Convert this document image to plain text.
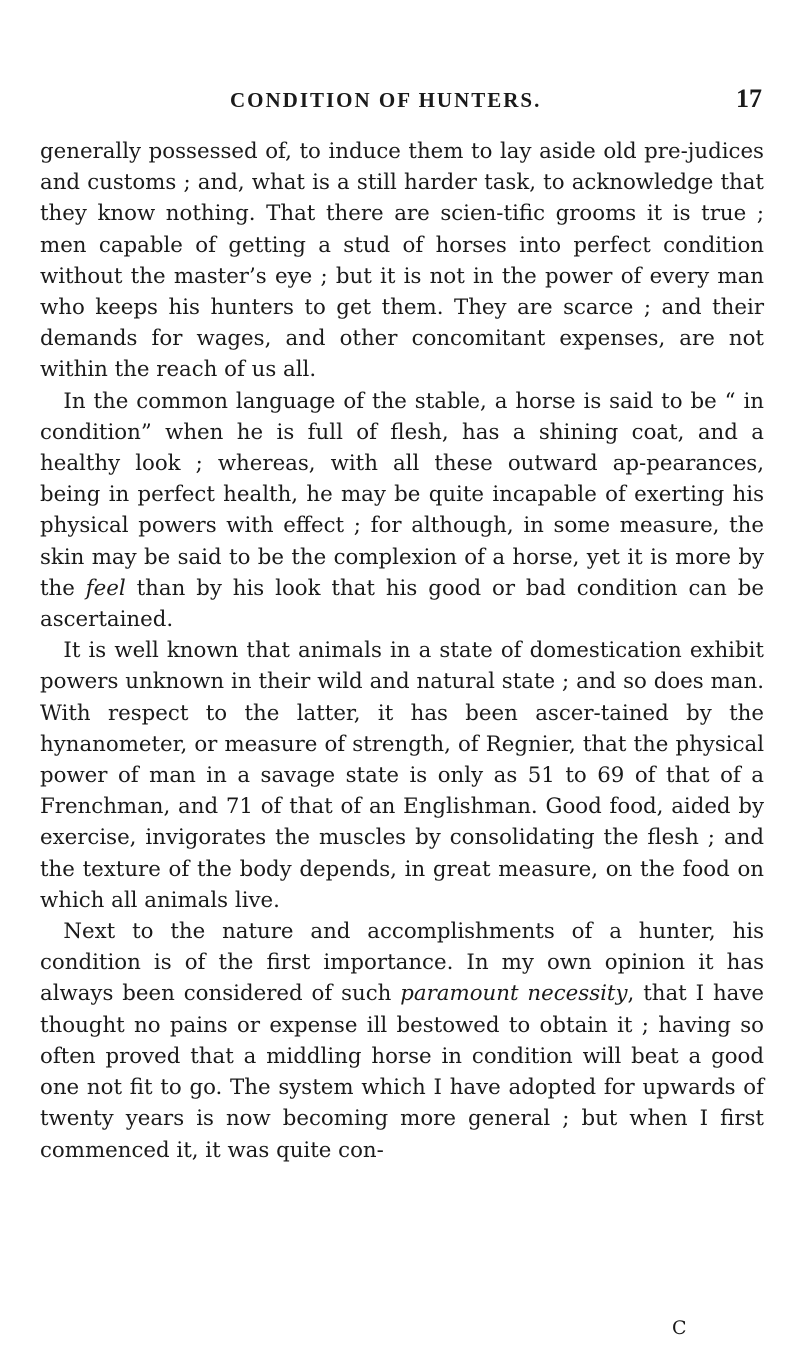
CONDITION OF HUNTERS.	17

generally possessed of, to induce them to lay aside old pre-judices and customs ; and, what is a still harder task, to acknowledge that they know nothing. That there are scien-tific grooms it is true ; men capable of getting a stud of horses into perfect condition without the master’s eye ; but it is not in the power of every man who keeps his hunters to get them. They are scarce ; and their demands for wages, and other concomitant expenses, are not within the reach of us all.

In the common language of the stable, a horse is said to be “ in condition” when he is full of flesh, has a shining coat, and a healthy look ; whereas, with all these outward ap-pearances, being in perfect health, he may be quite incapable of exerting his physical powers with effect ; for although, in some measure, the skin may be said to be the complexion of a horse, yet it is more by the feel than by his look that his good or bad condition can be ascertained.

It is well known that animals in a state of domestication exhibit powers unknown in their wild and natural state ; and so does man. With respect to the latter, it has been ascer-tained by the hynanometer, or measure of strength, of Regnier, that the physical power of man in a savage state is only as 51 to 69 of that of a Frenchman, and 71 of that of an Englishman. Good food, aided by exercise, invigorates the muscles by consolidating the flesh ; and the texture of the body depends, in great measure, on the food on which all animals live.

Next to the nature and accomplishments of a hunter, his condition is of the first importance. In my own opinion it has always been considered of such paramount necessity, that I have thought no pains or expense ill bestowed to obtain it ; having so often proved that a middling horse in condition will beat a good one not fit to go. The system which I have adopted for upwards of twenty years is now becoming more general ; but when I first commenced it, it was quite con-

C
